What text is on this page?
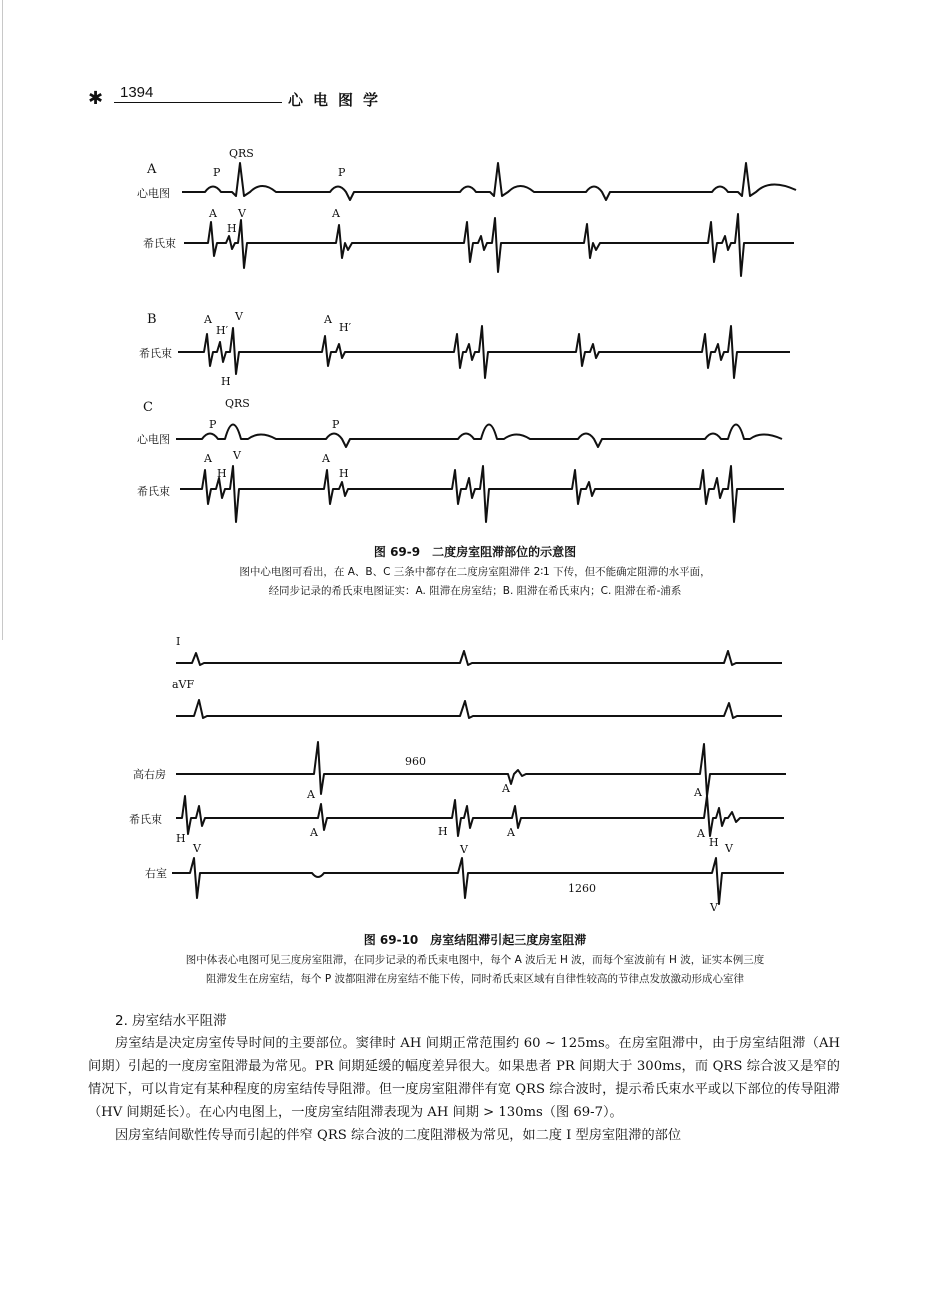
✱ 1394	心电图学
A
QRS
P	P
心电图
A V
H
A
希氏束
B	A V
H′
A
H′
H
希氏束
C	QRS
P	P
心电图
A V
H
A
H
希氏束
图 69-9　二度房室阻滞部位的示意图
图中心电图可看出，在 A、B、C 三条中都存在二度房室阻滞伴 2∶1 下传，但不能确定阻滞的水平面，
经同步记录的希氏束电图证实：A. 阻滞在房室结；B. 阻滞在希氏束内；C. 阻滞在希-浦系
I
aVF
高右房
960
A	A	A
希氏束
H
V
A	H
V
A	A
H V
右室
1260
V
图 69-10　房室结阻滞引起三度房室阻滞
图中体表心电图可见三度房室阻滞，在同步记录的希氏束电图中，每个 A 波后无 H 波，而每个室波前有 H 波，证实本例三度
阻滞发生在房室结，每个 P 波都阻滞在房室结不能下传，同时希氏束区域有自律性较高的节律点发放激动形成心室律
2. 房室结水平阻滞

房室结是决定房室传导时间的主要部位。窦律时 AH 间期正常范围约 60 ~ 125ms。在房室阻滞中，由于房室结阻滞（AH 间期）引起的一度房室阻滞最为常见。PR 间期延缓的幅度差异很大。如果患者 PR 间期大于 300ms，而 QRS 综合波又是窄的情况下，可以肯定有某种程度的房室结传导阻滞。但一度房室阻滞伴有宽 QRS 综合波时，提示希氏束水平或以下部位的传导阻滞（HV 间期延长）。在心内电图上，一度房室结阻滞表现为 AH 间期 > 130ms（图 69-7）。

因房室结间歇性传导而引起的伴窄 QRS 综合波的二度阻滞极为常见，如二度 Ⅰ 型房室阻滞的部位
